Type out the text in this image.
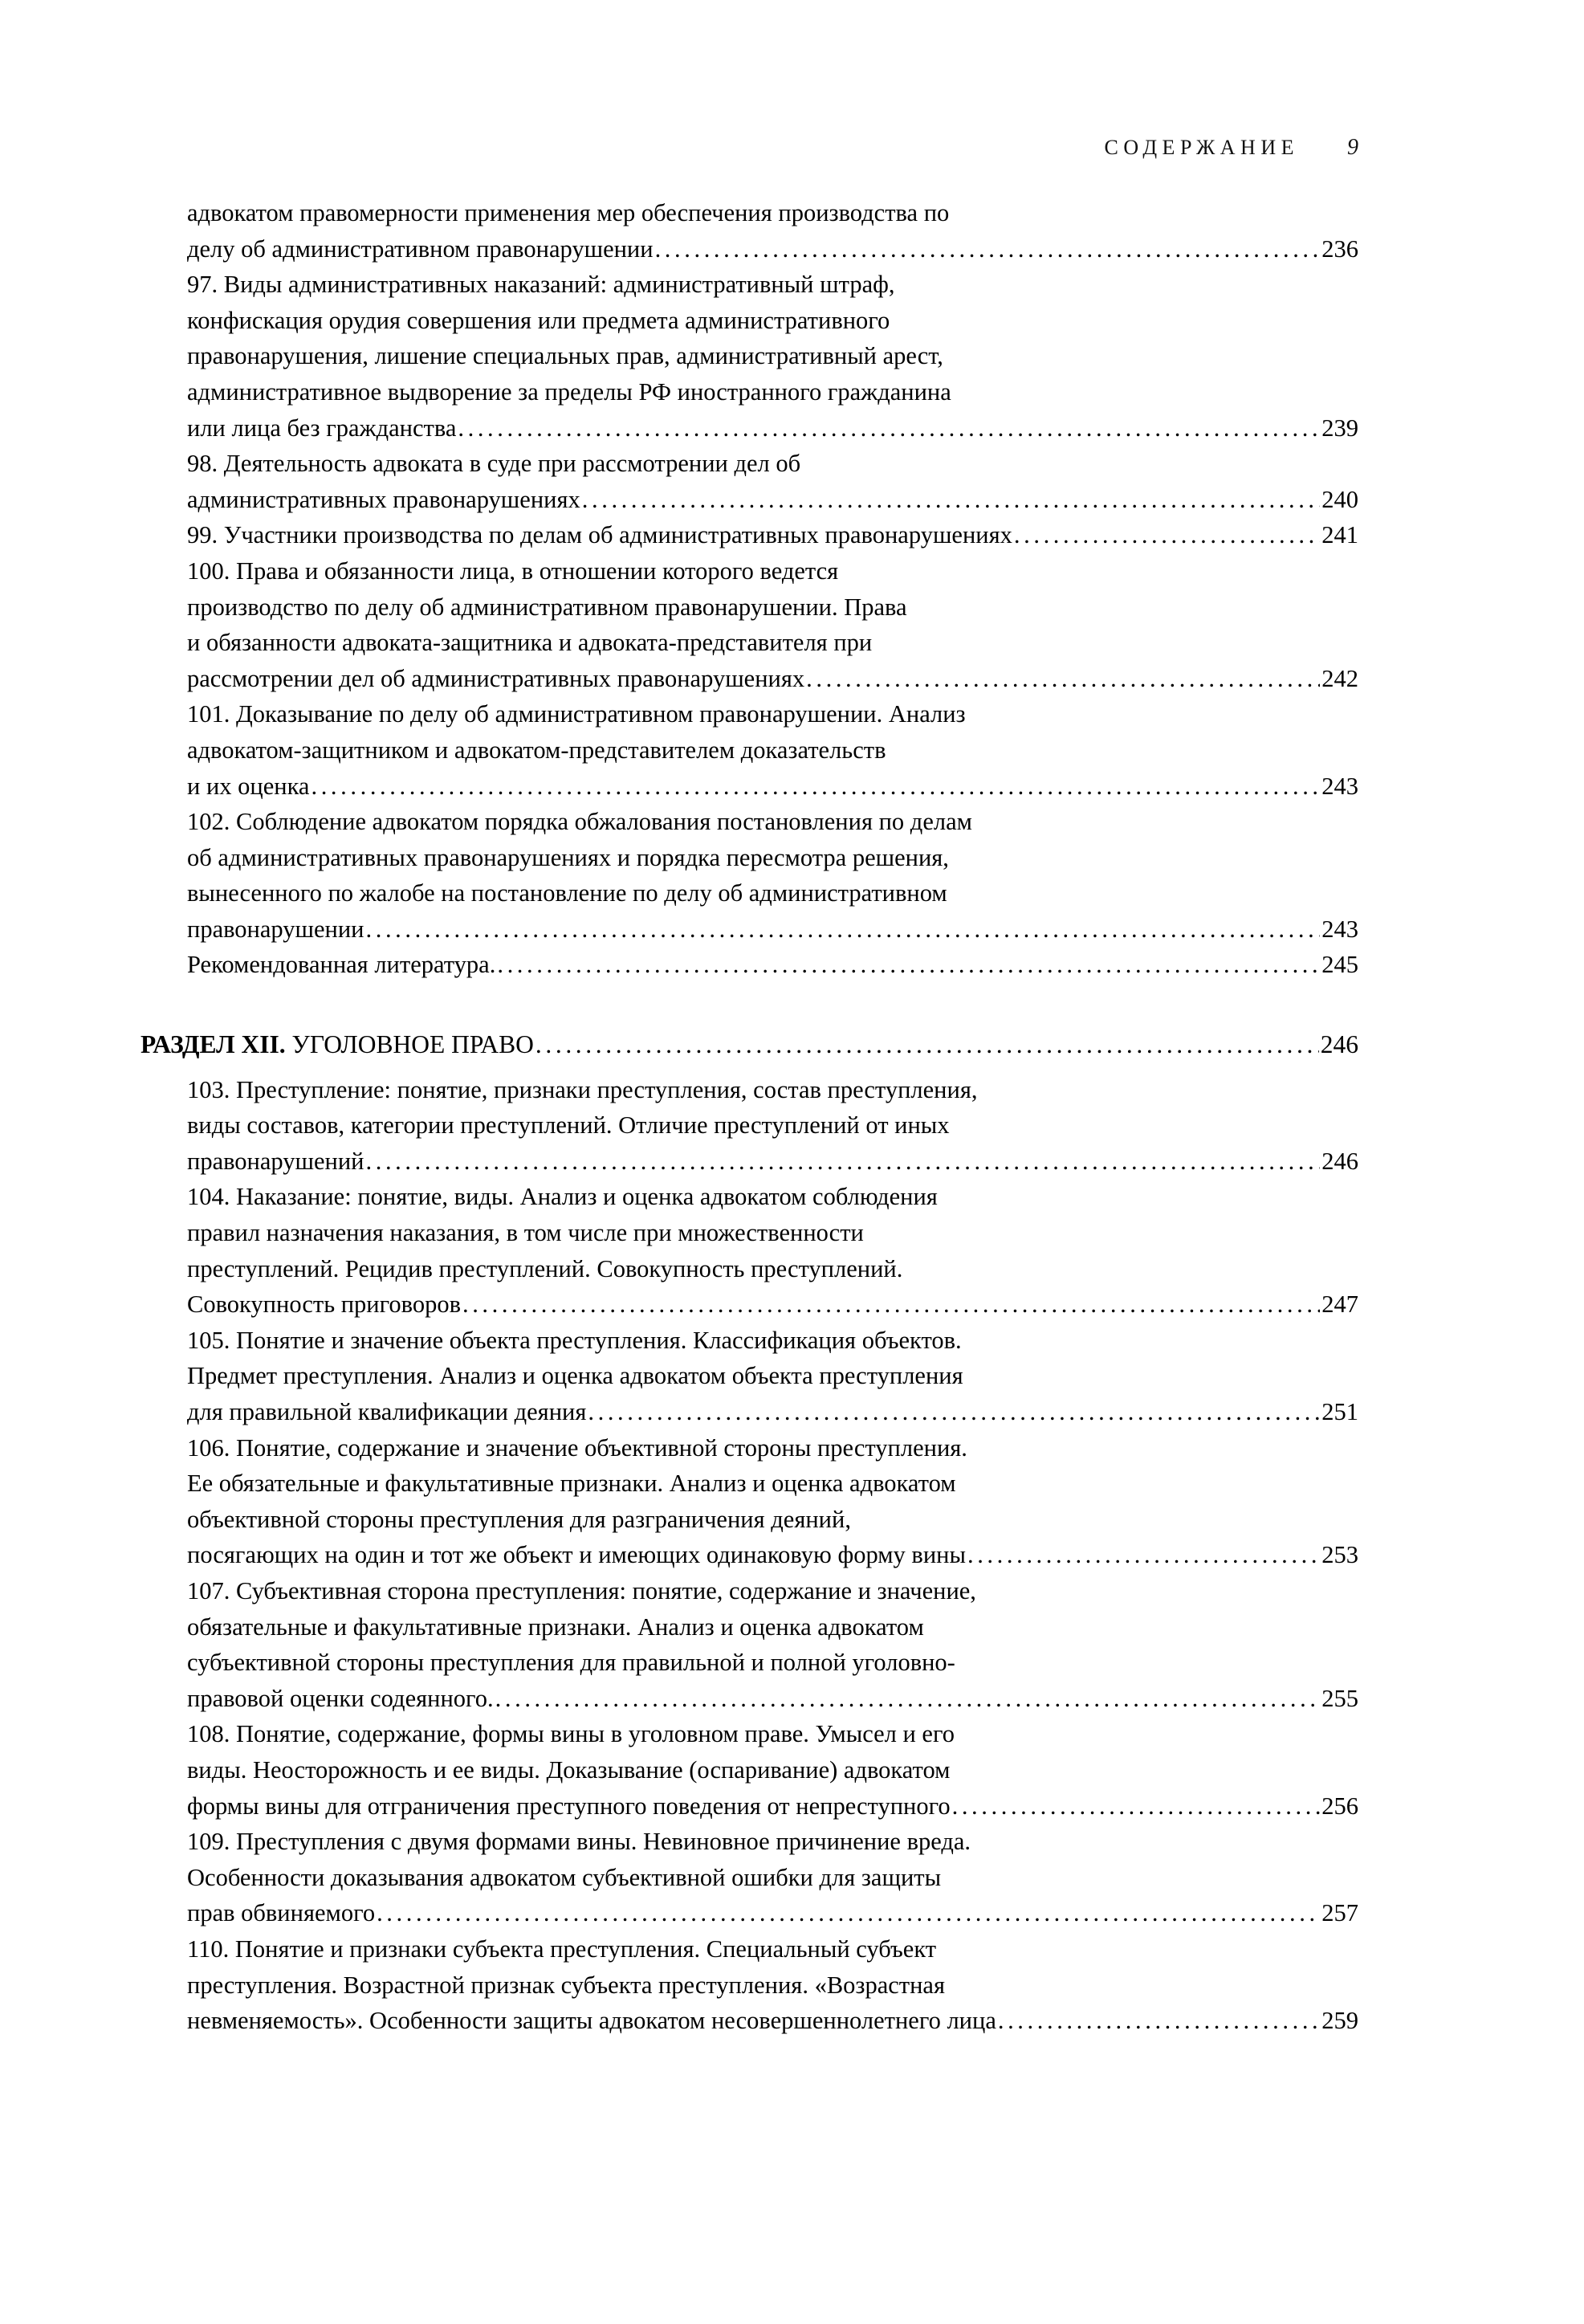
СОДЕРЖАНИЕ	9
адвокатом правомерности применения мер обеспечения производства по
делу об административном правонарушении .....	236
97. Виды административных наказаний: административный штраф,
конфискация орудия совершения или предмета административного
правонарушения, лишение специальных прав, административный арест,
административное выдворение за пределы РФ иностранного гражданина
или лица без гражданства .....	239
98. Деятельность адвоката в суде при рассмотрении дел об
административных правонарушениях .....	240
99. Участники производства по делам об административных правонарушениях .....	241
100. Права и обязанности лица, в отношении которого ведется
производство по делу об административном правонарушении. Права
и обязанности адвоката-защитника и адвоката-представителя при
рассмотрении дел об административных правонарушениях .....	242
101. Доказывание по делу об административном правонарушении. Анализ
адвокатом-защитником и адвокатом-представителем доказательств
и их оценка .....	243
102. Соблюдение адвокатом порядка обжалования постановления по делам
об административных правонарушениях и порядка пересмотра решения,
вынесенного по жалобе на постановление по делу об административном
правонарушении .....	243
Рекомендованная литература. .....	245
РАЗДЕЛ XII. УГОЛОВНОЕ ПРАВО .....	246
103. Преступление: понятие, признаки преступления, состав преступления,
виды составов, категории преступлений. Отличие преступлений от иных
правонарушений .....	246
104. Наказание: понятие, виды. Анализ и оценка адвокатом соблюдения
правил назначения наказания, в том числе при множественности
преступлений. Рецидив преступлений. Совокупность преступлений.
Совокупность приговоров .....	247
105. Понятие и значение объекта преступления. Классификация объектов.
Предмет преступления. Анализ и оценка адвокатом объекта преступления
для правильной квалификации деяния .....	251
106. Понятие, содержание и значение объективной стороны преступления.
Ее обязательные и факультативные признаки. Анализ и оценка адвокатом
объективной стороны преступления для разграничения деяний,
посягающих на один и тот же объект и имеющих одинаковую форму вины .....	253
107. Субъективная сторона преступления: понятие, содержание и значение,
обязательные и факультативные признаки. Анализ и оценка адвокатом
субъективной стороны преступления для правильной и полной уголовно-
правовой оценки содеянного. .....	255
108. Понятие, содержание, формы вины в уголовном праве. Умысел и его
виды. Неосторожность и ее виды. Доказывание (оспаривание) адвокатом
формы вины для отграничения преступного поведения от непреступного .....	256
109. Преступления с двумя формами вины. Невиновное причинение вреда.
Особенности доказывания адвокатом субъективной ошибки для защиты
прав обвиняемого .....	257
110. Понятие и признаки субъекта преступления. Специальный субъект
преступления. Возрастной признак субъекта преступления. «Возрастная
невменяемость». Особенности защиты адвокатом несовершеннолетнего лица .....	259
